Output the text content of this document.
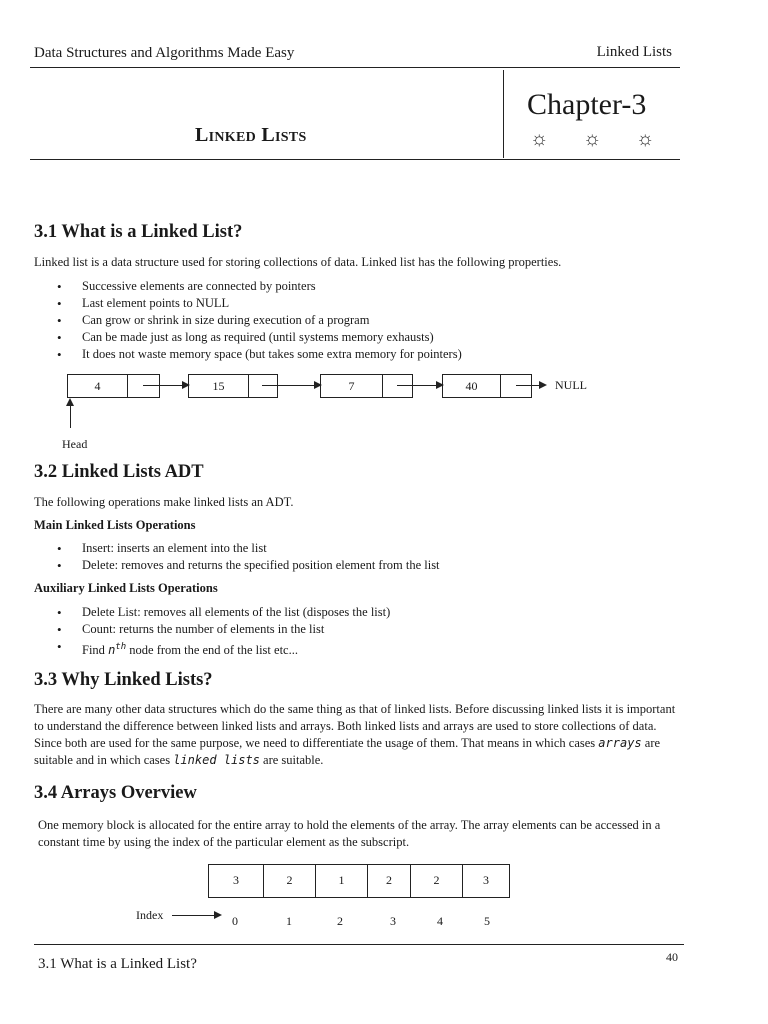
Data Structures and Algorithms Made Easy	Linked Lists
Linked Lists
Chapter-3
☼ ☼ ☼
3.1 What is a Linked List?
Linked list is a data structure used for storing collections of data. Linked list has the following properties.
• Successive elements are connected by pointers
• Last element points to NULL
• Can grow or shrink in size during execution of a program
• Can be made just as long as required (until systems memory exhausts)
• It does not waste memory space (but takes some extra memory for pointers)
4	15	7	40	NULL
Head
3.2 Linked Lists ADT
The following operations make linked lists an ADT.
Main Linked Lists Operations
• Insert: inserts an element into the list
• Delete: removes and returns the specified position element from the list
Auxiliary Linked Lists Operations
• Delete List: removes all elements of the list (disposes the list)
• Count: returns the number of elements in the list
• Find $n^{th}$ node from the end of the list etc...
3.3 Why Linked Lists?
There are many other data structures which do the same thing as that of linked lists. Before discussing linked lists it is important to understand the difference between linked lists and arrays. Both linked lists and arrays are used to store collections of data. Since both are used for the same purpose, we need to differentiate the usage of them. That means in which cases arrays are suitable and in which cases linked lists are suitable.
3.4 Arrays Overview
One memory block is allocated for the entire array to hold the elements of the array. The array elements can be accessed in a constant time by using the index of the particular element as the subscript.
3	2	1	2	2	3
Index	0	1	2	3	4	5
3.1 What is a Linked List?	40
